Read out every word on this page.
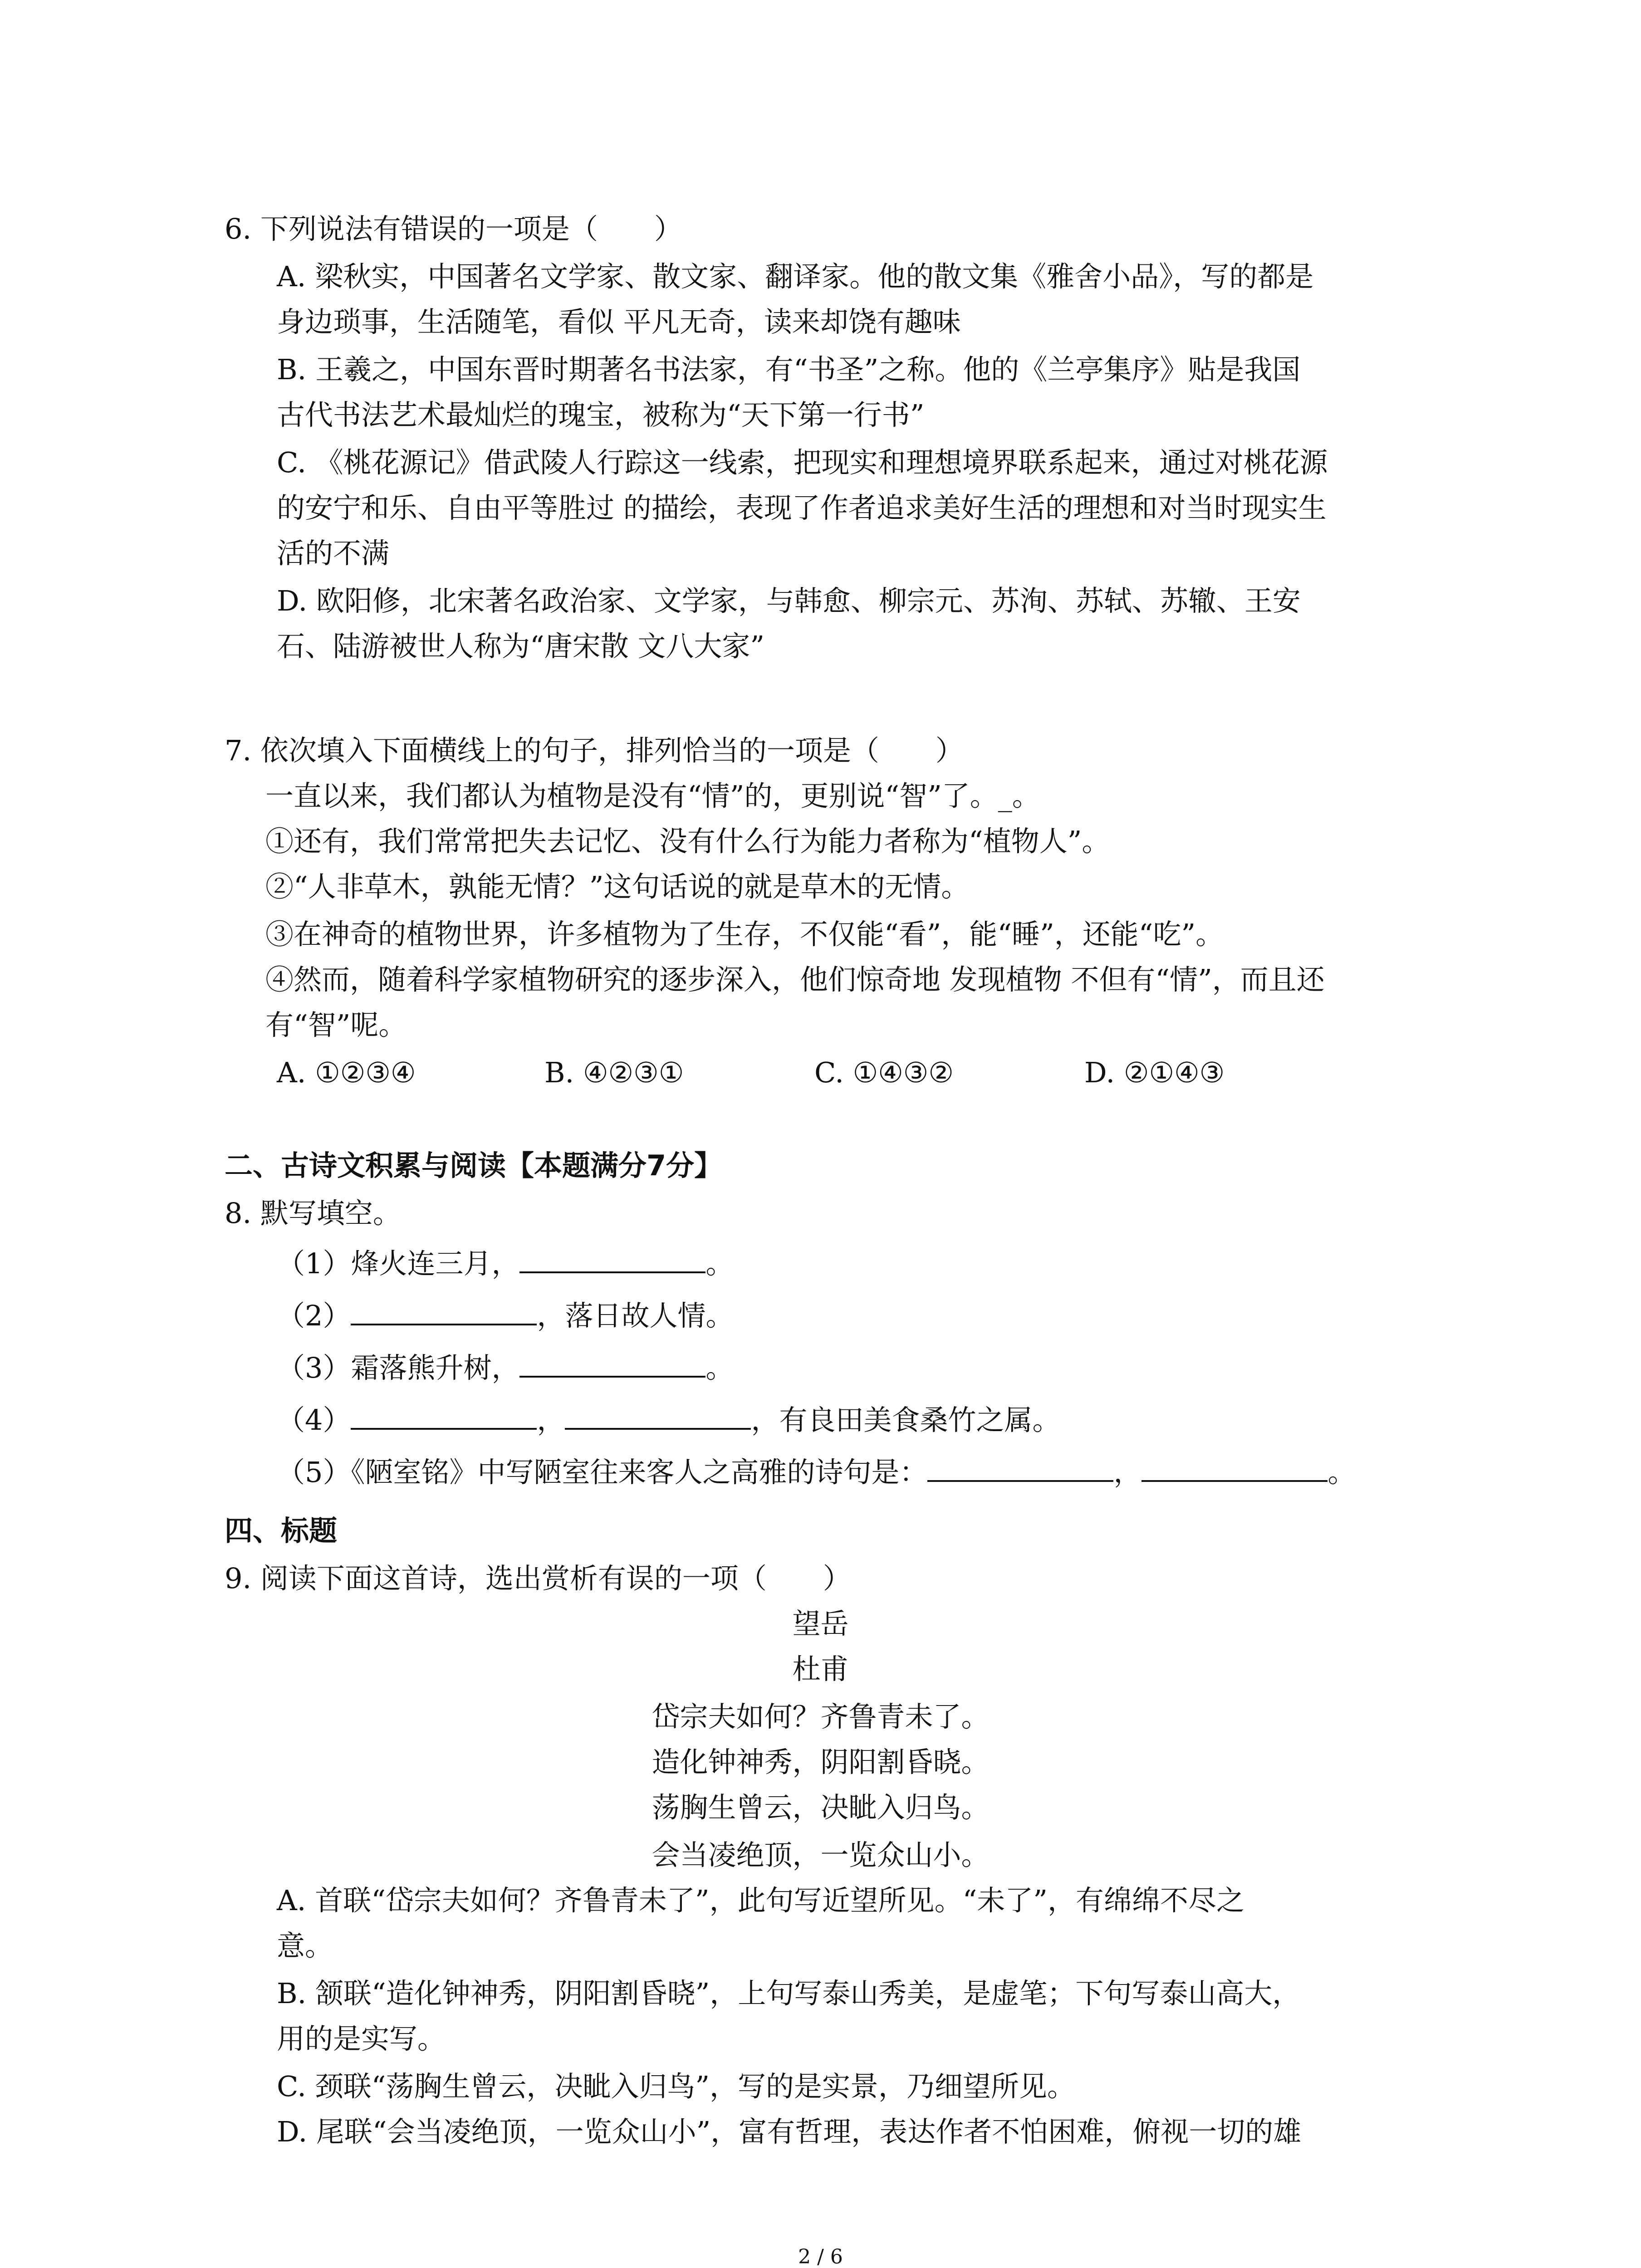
6. 下列说法有错误的一项是（　　）
A. 梁秋实，中国著名文学家、散文家、翻译家。他的散文集《雅舍小品》，写的都是
身边琐事，生活随笔，看似 平凡无奇，读来却饶有趣味
B. 王羲之，中国东晋时期著名书法家，有“书圣”之称。他的《兰亭集序》贴是我国
古代书法艺术最灿烂的瑰宝，被称为“天下第一行书”
C. 《桃花源记》借武陵人行踪这一线索，把现实和理想境界联系起来，通过对桃花源
的安宁和乐、自由平等胜过 的描绘，表现了作者追求美好生活的理想和对当时现实生
活的不满
D. 欧阳修，北宋著名政治家、文学家，与韩愈、柳宗元、苏洵、苏轼、苏辙、王安
石、陆游被世人称为“唐宋散 文八大家”
7. 依次填入下面横线上的句子，排列恰当的一项是（　　）
一直以来，我们都认为植物是没有“情”的，更别说“智”了。_。
①还有，我们常常把失去记忆、没有什么行为能力者称为“植物人”。
②“人非草木，孰能无情？”这句话说的就是草木的无情。
③在神奇的植物世界，许多植物为了生存，不仅能“看”，能“睡”，还能“吃”。
④然而，随着科学家植物研究的逐步深入，他们惊奇地 发现植物 不但有“情”，而且还
有“智”呢。
A. ①②③④	B. ④②③①	C. ①④③②	D. ②①④③
二、古诗文积累与阅读【本题满分7分】
8. 默写填空。
（1）烽火连三月，	。
（2）	，落日故人情。
（3）霜落熊升树，	。
（4）	，	，有良田美食桑竹之属。
（5）《陋室铭》中写陋室往来客人之高雅的诗句是：	，	。
四、标题
9. 阅读下面这首诗，选出赏析有误的一项（　　）
望岳
杜甫
岱宗夫如何？齐鲁青未了。
造化钟神秀，阴阳割昏晓。
荡胸生曾云，决眦入归鸟。
会当凌绝顶，一览众山小。
A. 首联“岱宗夫如何？齐鲁青未了”，此句写近望所见。“未了”，有绵绵不尽之
意。
B. 颔联“造化钟神秀，阴阳割昏晓”，上句写泰山秀美，是虚笔；下句写泰山高大，
用的是实写。
C. 颈联“荡胸生曾云，决眦入归鸟”，写的是实景，乃细望所见。
D. 尾联“会当凌绝顶，一览众山小”，富有哲理，表达作者不怕困难，俯视一切的雄
2 / 6
